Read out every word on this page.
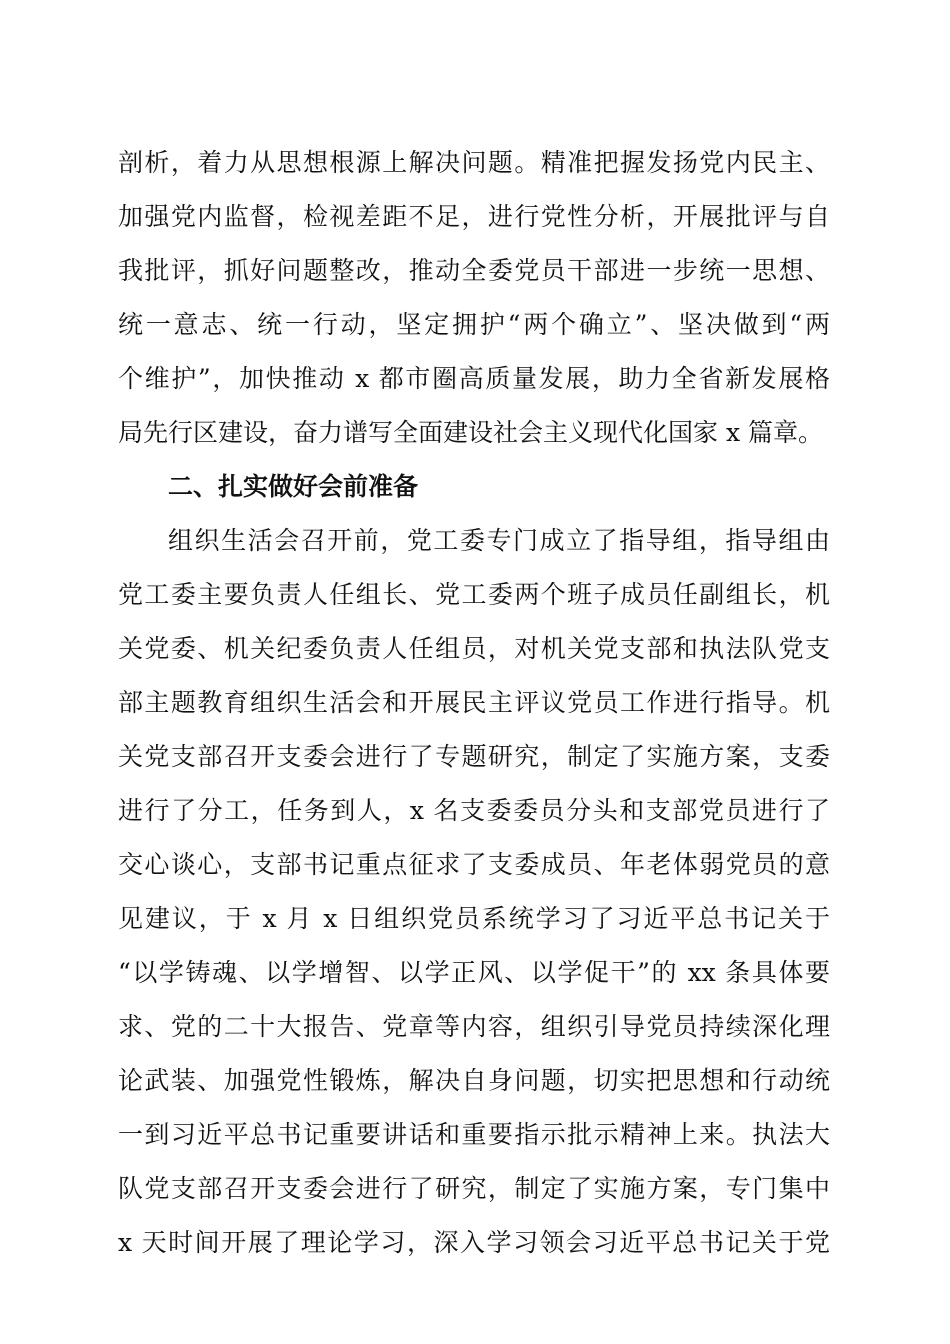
剖析，着力从思想根源上解决问题。精准把握发扬党内民主、
加强党内监督，检视差距不足，进行党性分析，开展批评与自
我批评，抓好问题整改，推动全委党员干部进一步统一思想、
统一意志、统一行动，坚定拥护“两个确立”、坚决做到“两
个维护”，加快推动 x 都市圈高质量发展，助力全省新发展格
局先行区建设，奋力谱写全面建设社会主义现代化国家 x 篇章。
二、扎实做好会前准备
组织生活会召开前，党工委专门成立了指导组，指导组由
党工委主要负责人任组长、党工委两个班子成员任副组长，机
关党委、机关纪委负责人任组员，对机关党支部和执法队党支
部主题教育组织生活会和开展民主评议党员工作进行指导。机
关党支部召开支委会进行了专题研究，制定了实施方案，支委
进行了分工，任务到人，x 名支委委员分头和支部党员进行了
交心谈心，支部书记重点征求了支委成员、年老体弱党员的意
见建议，于 x 月 x 日组织党员系统学习了习近平总书记关于
“以学铸魂、以学增智、以学正风、以学促干”的 xx 条具体要
求、党的二十大报告、党章等内容，组织引导党员持续深化理
论武装、加强党性锻炼，解决自身问题，切实把思想和行动统
一到习近平总书记重要讲话和重要指示批示精神上来。执法大
队党支部召开支委会进行了研究，制定了实施方案，专门集中
x 天时间开展了理论学习，深入学习领会习近平总书记关于党
